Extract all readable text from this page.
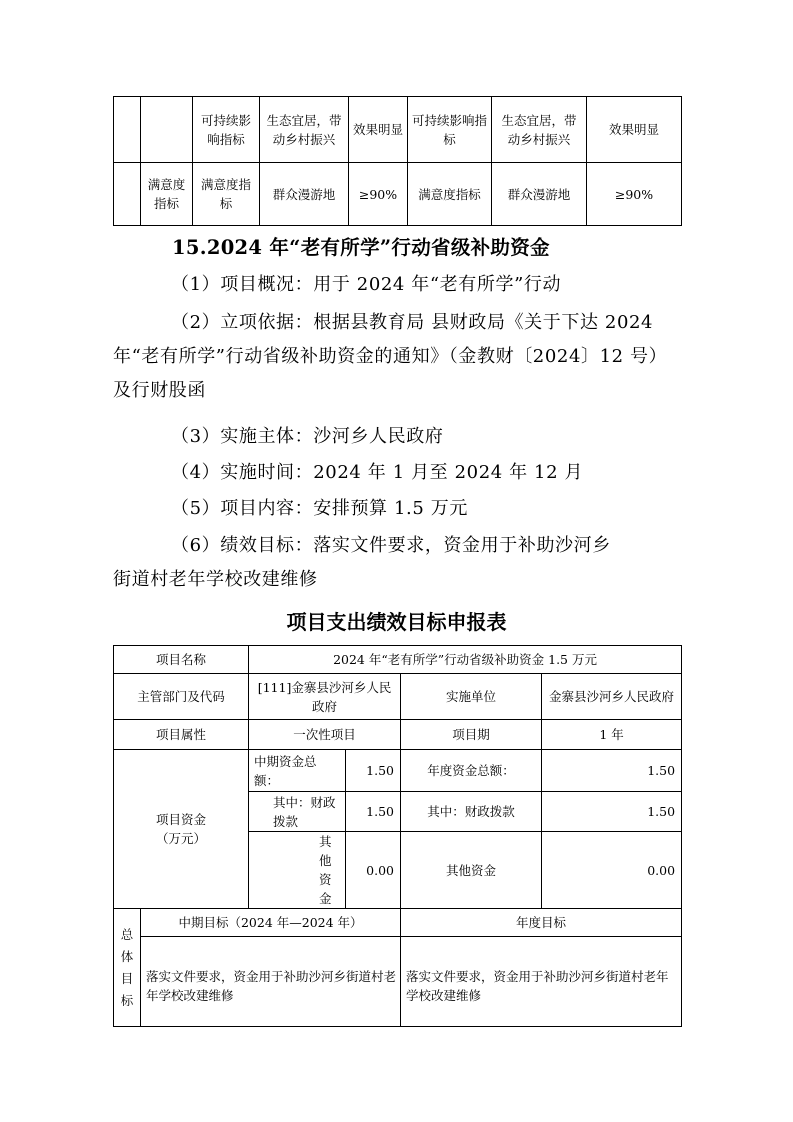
		可持续影响指标	生态宜居，带动乡村振兴	效果明显	可持续影响指标	生态宜居，带动乡村振兴	效果明显
	满意度指标	满意度指标	群众漫游地	≥90%	满意度指标	群众漫游地	≥90%
15.2024 年“老有所学”行动省级补助资金
（1）项目概况：用于 2024 年“老有所学”行动
（2）立项依据：根据县教育局 县财政局《关于下达 2024
年“老有所学”行动省级补助资金的通知》（金教财〔2024〕12 号）及行财股函
（3）实施主体：沙河乡人民政府
（4）实施时间：2024 年 1 月至 2024 年 12 月
（5）项目内容：安排预算 1.5 万元
（6）绩效目标：落实文件要求，资金用于补助沙河乡
街道村老年学校改建维修
项目支出绩效目标申报表
项目名称		2024 年“老有所学”行动省级补助资金 1.5 万元			
主管部门及代码		[111]金寨县沙河乡人民政府		实施单位	金寨县沙河乡人民政府
项目属性		一次性项目		项目期	1 年
项目资金（万元）		中期资金总额：	1.50	年度资金总额：	1.50
		其中：财政拨款	1.50	其中：财政拨款	1.50
		其他资金	0.00	其他资金	0.00
总体目标	中期目标（2024 年—2024 年）			年度目标	
	落实文件要求，资金用于补助沙河乡街道村老年学校改建维修			落实文件要求，资金用于补助沙河乡街道村老年学校改建维修	
